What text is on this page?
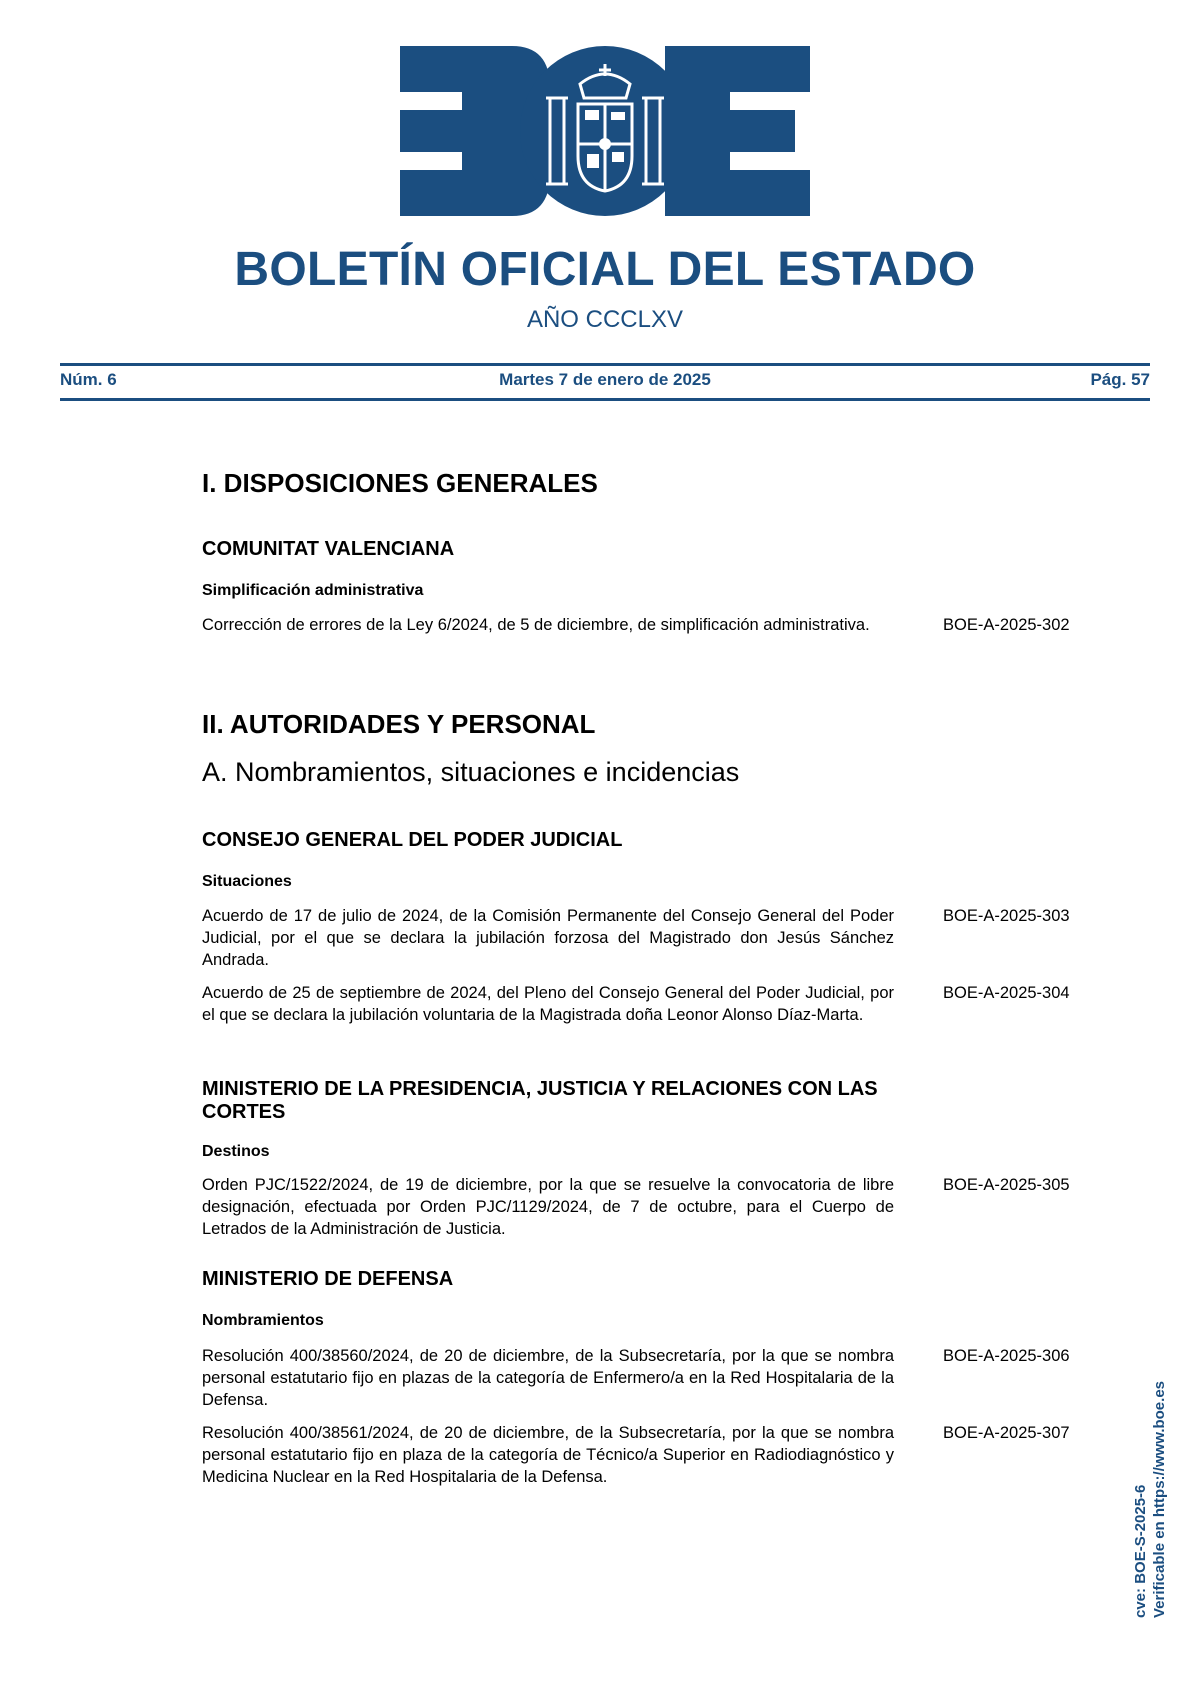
BOLETÍN OFICIAL DEL ESTADO
AÑO CCCLXV
Núm. 6	Martes 7 de enero de 2025	Pág. 57
I. DISPOSICIONES GENERALES
COMUNITAT VALENCIANA
Simplificación administrativa
Corrección de errores de la Ley 6/2024, de 5 de diciembre, de simplificación administrativa.	BOE-A-2025-302
II. AUTORIDADES Y PERSONAL
A. Nombramientos, situaciones e incidencias
CONSEJO GENERAL DEL PODER JUDICIAL
Situaciones
Acuerdo de 17 de julio de 2024, de la Comisión Permanente del Consejo General del Poder Judicial, por el que se declara la jubilación forzosa del Magistrado don Jesús Sánchez Andrada.
BOE-A-2025-303
Acuerdo de 25 de septiembre de 2024, del Pleno del Consejo General del Poder Judicial, por el que se declara la jubilación voluntaria de la Magistrada doña Leonor Alonso Díaz-Marta.
BOE-A-2025-304
MINISTERIO DE LA PRESIDENCIA, JUSTICIA Y RELACIONES CON LAS CORTES
Destinos
Orden PJC/1522/2024, de 19 de diciembre, por la que se resuelve la convocatoria de libre designación, efectuada por Orden PJC/1129/2024, de 7 de octubre, para el Cuerpo de Letrados de la Administración de Justicia.
BOE-A-2025-305
MINISTERIO DE DEFENSA
Nombramientos
Resolución 400/38560/2024, de 20 de diciembre, de la Subsecretaría, por la que se nombra personal estatutario fijo en plazas de la categoría de Enfermero/a en la Red Hospitalaria de la Defensa.
BOE-A-2025-306
Resolución 400/38561/2024, de 20 de diciembre, de la Subsecretaría, por la que se nombra personal estatutario fijo en plaza de la categoría de Técnico/a Superior en Radiodiagnóstico y Medicina Nuclear en la Red Hospitalaria de la Defensa.
BOE-A-2025-307
cve: BOE-S-2025-6 Verificable en https://www.boe.es
